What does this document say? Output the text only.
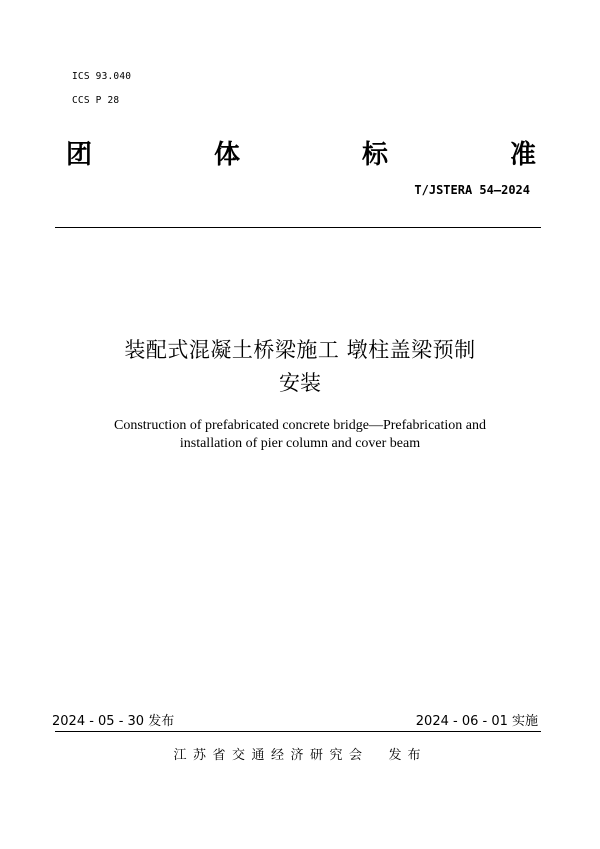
ICS 93.040
CCS P 28
团	体	标	准
T/JSTERA 54—2024
装配式混凝土桥梁施工 墩柱盖梁预制
安装
Construction of prefabricated concrete bridge—Prefabrication and
installation of pier column and cover beam
2024 - 05 - 30 发布	2024 - 06 - 01 实施
江苏省交通经济研究会 发布
